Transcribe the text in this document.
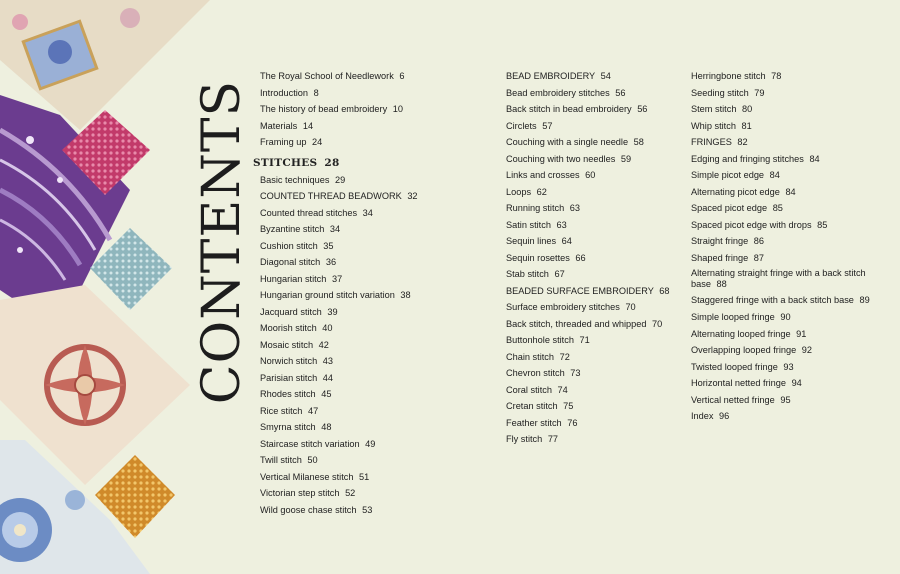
CONTENTS
The Royal School of Needlework 6
Introduction 8
The history of bead embroidery 10
Materials 14
Framing up 24
STITCHES 28
Basic techniques 29
COUNTED THREAD BEADWORK 32
Counted thread stitches 34
Byzantine stitch 34
Cushion stitch 35
Diagonal stitch 36
Hungarian stitch 37
Hungarian ground stitch variation 38
Jacquard stitch 39
Moorish stitch 40
Mosaic stitch 42
Norwich stitch 43
Parisian stitch 44
Rhodes stitch 45
Rice stitch 47
Smyrna stitch 48
Staircase stitch variation 49
Twill stitch 50
Vertical Milanese stitch 51
Victorian step stitch 52
Wild goose chase stitch 53
BEAD EMBROIDERY 54
Bead embroidery stitches 56
Back stitch in bead embroidery 56
Circlets 57
Couching with a single needle 58
Couching with two needles 59
Links and crosses 60
Loops 62
Running stitch 63
Satin stitch 63
Sequin lines 64
Sequin rosettes 66
Stab stitch 67
BEADED SURFACE EMBROIDERY 68
Surface embroidery stitches 70
Back stitch, threaded and whipped 70
Buttonhole stitch 71
Chain stitch 72
Chevron stitch 73
Coral stitch 74
Cretan stitch 75
Feather stitch 76
Fly stitch 77
Herringbone stitch 78
Seeding stitch 79
Stem stitch 80
Whip stitch 81
FRINGES 82
Edging and fringing stitches 84
Simple picot edge 84
Alternating picot edge 84
Spaced picot edge 85
Spaced picot edge with drops 85
Straight fringe 86
Shaped fringe 87
Alternating straight fringe with a back stitch base 88
Staggered fringe with a back stitch base 89
Simple looped fringe 90
Alternating looped fringe 91
Overlapping looped fringe 92
Twisted looped fringe 93
Horizontal netted fringe 94
Vertical netted fringe 95
Index 96
